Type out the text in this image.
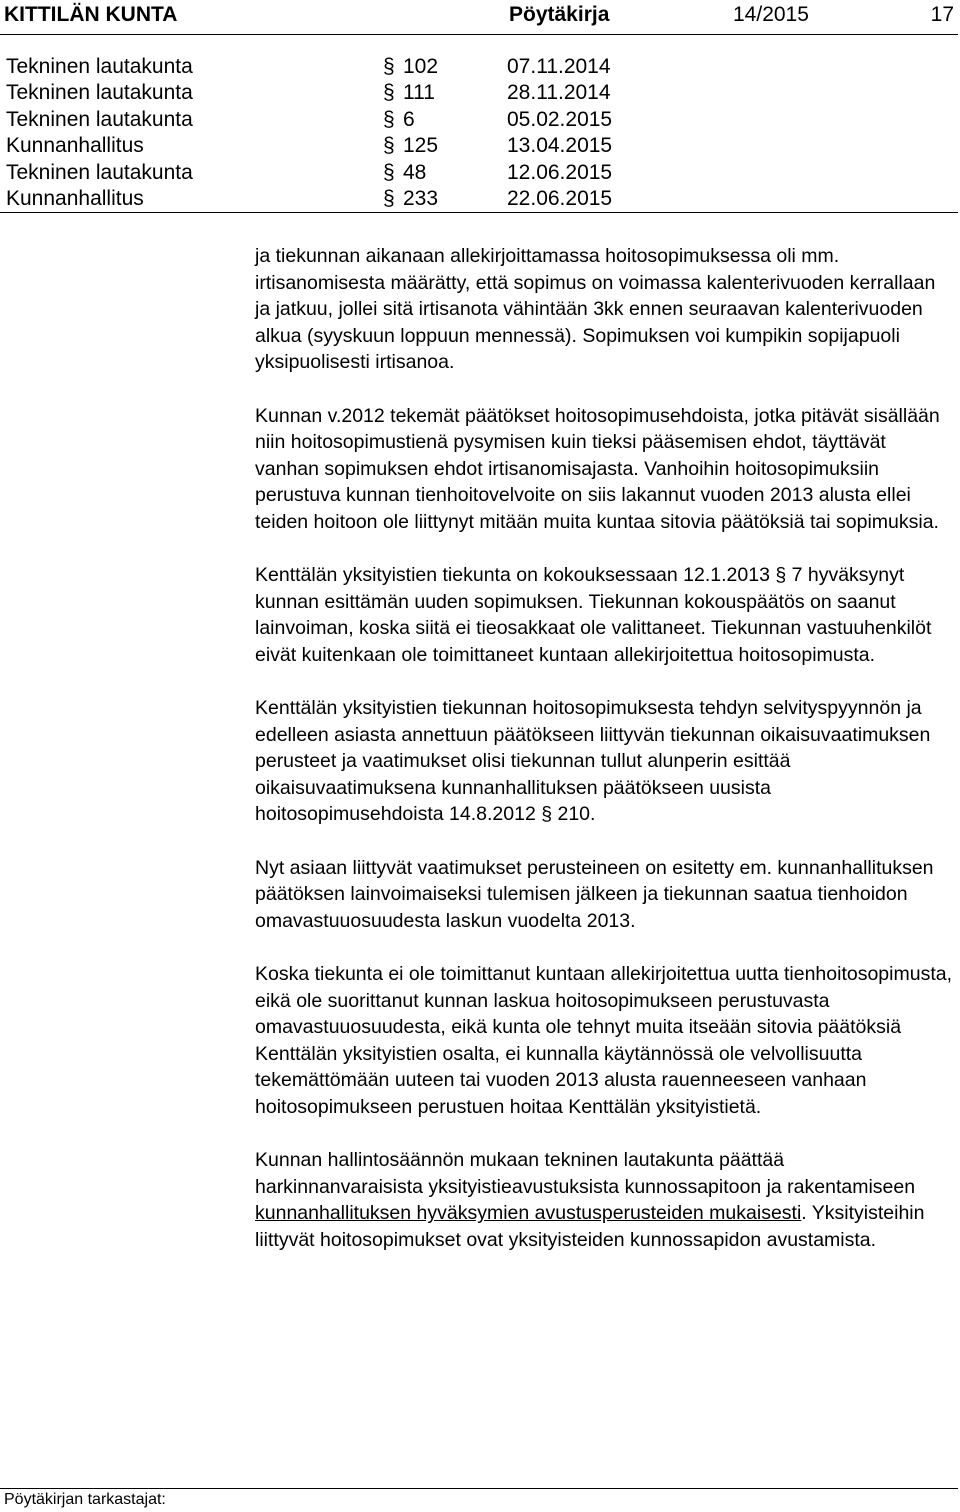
KITTILÄN KUNTA	Pöytäkirja	14/2015	17
Tekninen lautakunta	§ 102	07.11.2014
Tekninen lautakunta	§ 111	28.11.2014
Tekninen lautakunta	§ 6	05.02.2015
Kunnanhallitus	§ 125	13.04.2015
Tekninen lautakunta	§ 48	12.06.2015
Kunnanhallitus	§ 233	22.06.2015

ja tiekunnan aikanaan allekirjoittamassa hoitosopimuksessa oli mm. irtisanomisesta määrätty, että sopimus on voimassa kalenterivuoden kerrallaan ja jatkuu, jollei sitä irtisanota vähintään 3kk ennen seuraavan kalenterivuoden alkua (syyskuun loppuun mennessä). Sopimuksen voi kumpikin sopijapuoli yksipuolisesti irtisanoa.

Kunnan v.2012 tekemät päätökset hoitosopimusehdoista, jotka pitävät sisällään niin hoitosopimustienä pysymisen kuin tieksi pääsemisen ehdot, täyttävät vanhan sopimuksen ehdot irtisanomisajasta. Vanhoihin hoitosopimuksiin perustuva kunnan tienhoitovelvoite on siis lakannut vuoden 2013 alusta ellei teiden hoitoon ole liittynyt mitään muita kuntaa sitovia päätöksiä tai sopimuksia.

Kenttälän yksityistien tiekunta on kokouksessaan 12.1.2013 § 7 hyväksynyt kunnan esittämän uuden sopimuksen. Tiekunnan kokouspäätös on saanut lainvoiman, koska siitä ei tieosakkaat ole valittaneet. Tiekunnan vastuuhenkilöt eivät kuitenkaan ole toimittaneet kuntaan allekirjoitettua hoitosopimusta.

Kenttälän yksityistien tiekunnan hoitosopimuksesta tehdyn selvityspyynnön ja edelleen asiasta annettuun päätökseen liittyvän tiekunnan oikaisuvaatimuksen perusteet ja vaatimukset olisi tiekunnan tullut alunperin esittää oikaisuvaatimuksena kunnanhallituksen päätökseen uusista hoitosopimusehdoista 14.8.2012 § 210.

Nyt asiaan liittyvät vaatimukset perusteineen on esitetty em. kunnanhallituksen päätöksen lainvoimaiseksi tulemisen jälkeen ja tiekunnan saatua tienhoidon omavastuuosuudesta laskun vuodelta 2013.

Koska tiekunta ei ole toimittanut kuntaan allekirjoitettua uutta tienhoitosopimusta, eikä ole suorittanut kunnan laskua hoitosopimukseen perustuvasta omavastuuosuudesta, eikä kunta ole tehnyt muita itseään sitovia päätöksiä Kenttälän yksityistien osalta, ei kunnalla käytännössä ole velvollisuutta tekemättömään uuteen tai vuoden 2013 alusta rauenneeseen vanhaan hoitosopimukseen perustuen hoitaa Kenttälän yksityistietä.

Kunnan hallintosäännön mukaan tekninen lautakunta päättää harkinnanvaraisista yksityistieavustuksista kunnossapitoon ja rakentamiseen kunnanhallituksen hyväksymien avustusperusteiden mukaisesti. Yksityisteihin liittyvät hoitosopimukset ovat yksityisteiden kunnossapidon avustamista.

Pöytäkirjan tarkastajat:
